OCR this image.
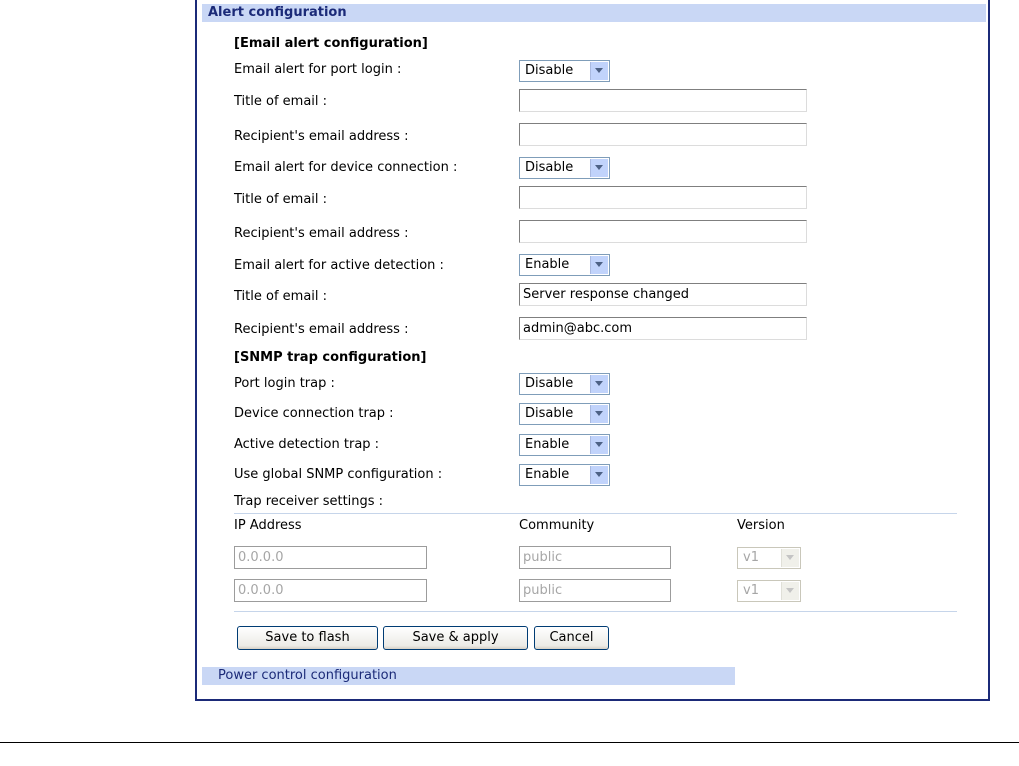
Alert configuration
[Email alert configuration]
Email alert for port login :	Disable
Title of email :
Recipient's email address :
Email alert for device connection :	Disable
Title of email :
Recipient's email address :
Email alert for active detection :	Enable
Title of email :	Server response changed
Recipient's email address :	admin@abc.com
[SNMP trap configuration]
Port login trap :	Disable
Device connection trap :	Disable
Active detection trap :	Enable
Use global SNMP configuration :	Enable
Trap receiver settings :
IP Address	Community	Version
0.0.0.0	public	v1
0.0.0.0	public	v1
Save to flash	Save & apply	Cancel
Power control configuration
